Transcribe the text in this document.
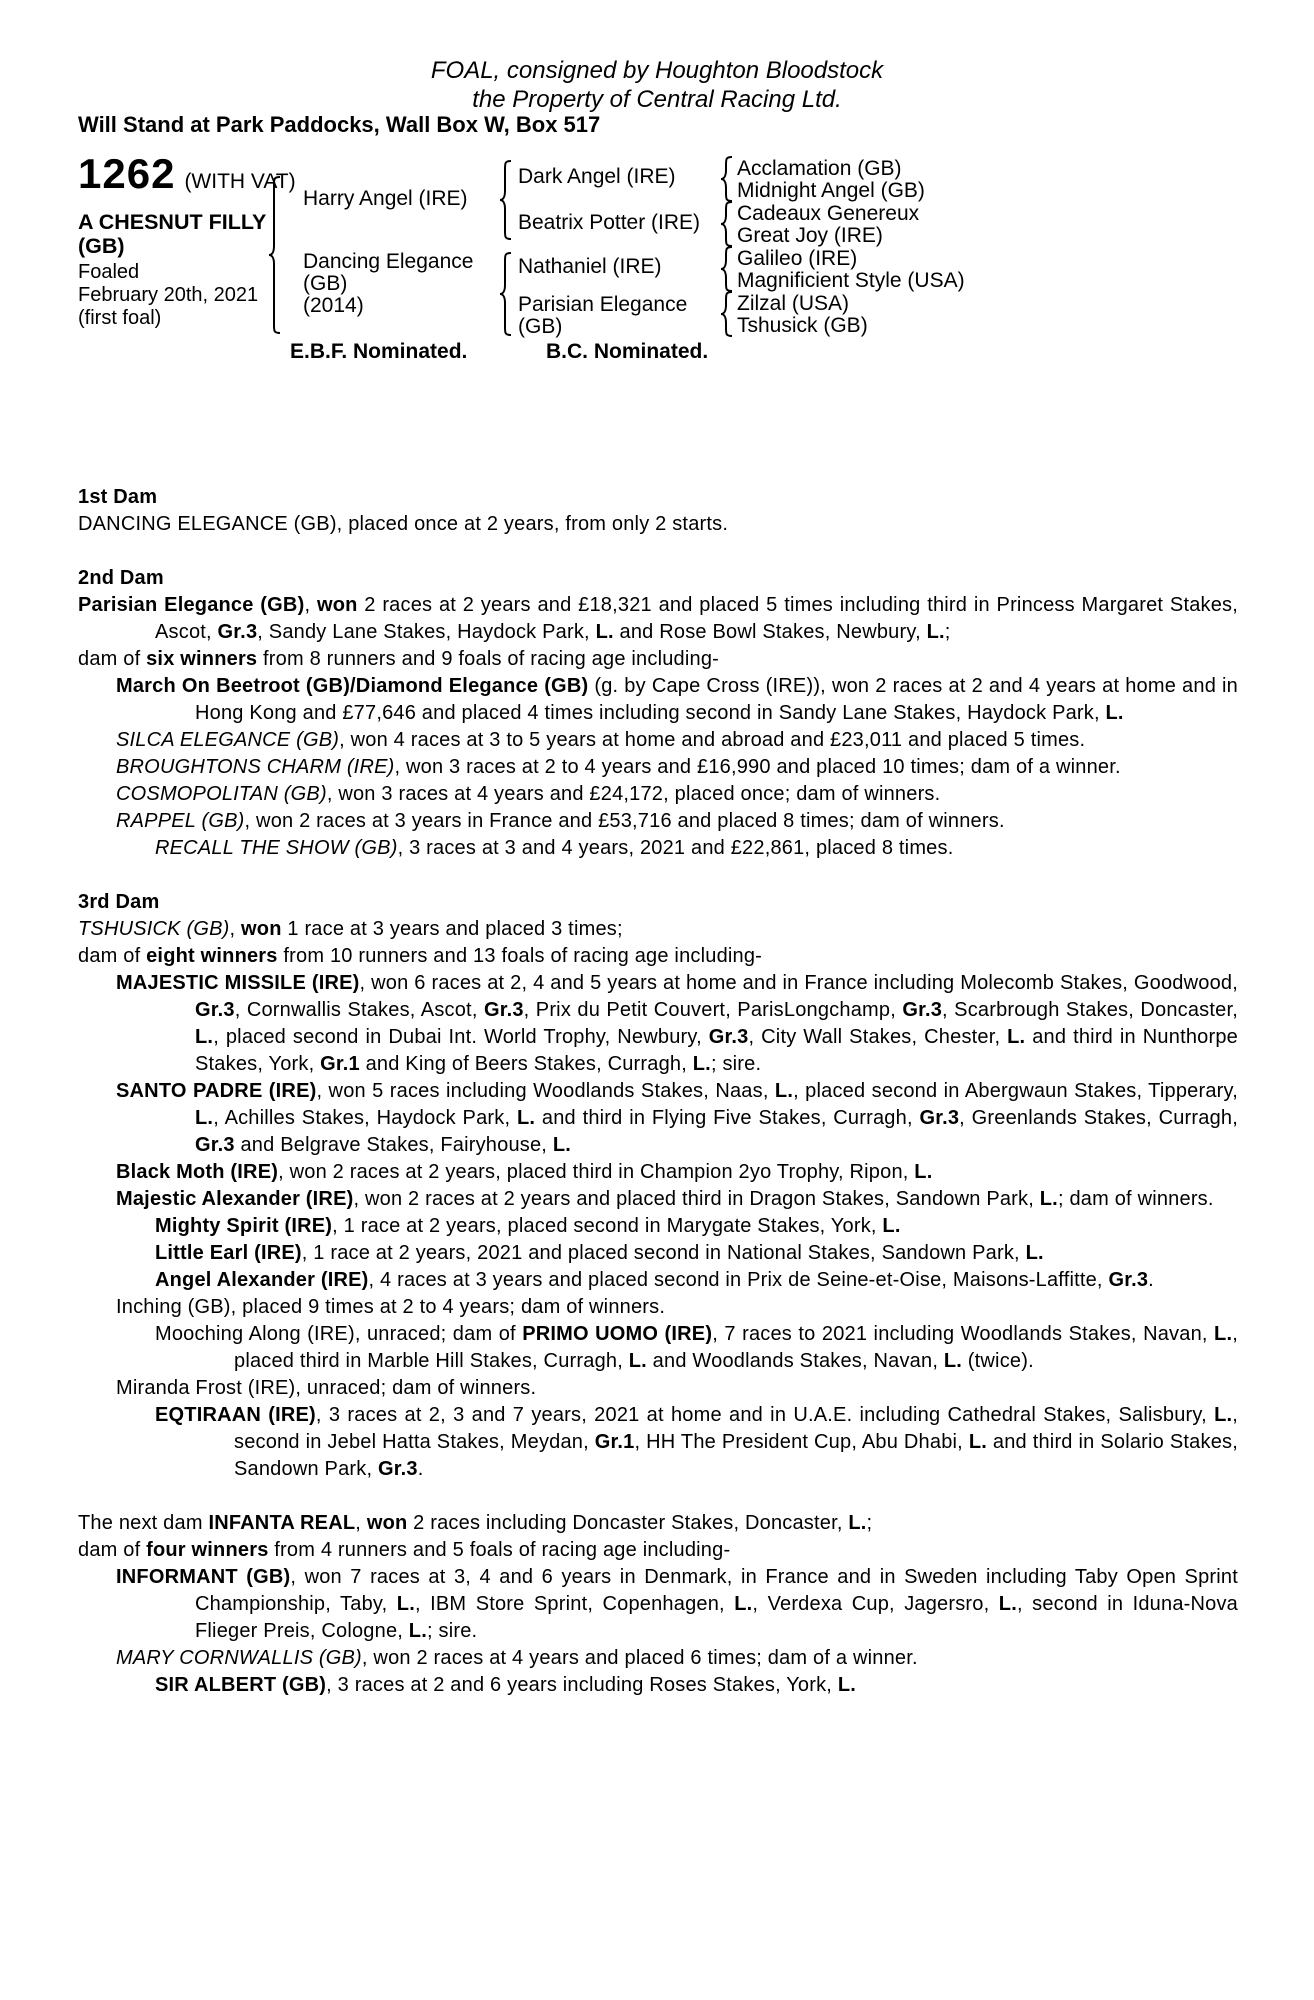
FOAL, consigned by Houghton Bloodstock
the Property of Central Racing Ltd.
Will Stand at Park Paddocks, Wall Box W, Box 517
1262 (WITH VAT)
A CHESNUT FILLY
(GB)
Foaled
February 20th, 2021
(first foal)
Harry Angel (IRE)
Dancing Elegance
(GB)
(2014)
Dark Angel (IRE)
Beatrix Potter (IRE)
Nathaniel (IRE)
Parisian Elegance
(GB)
Acclamation (GB)
Midnight Angel (GB)
Cadeaux Genereux
Great Joy (IRE)
Galileo (IRE)
Magnificient Style (USA)
Zilzal (USA)
Tshusick (GB)
E.B.F. Nominated.	B.C. Nominated.

1st Dam

DANCING ELEGANCE (GB), placed once at 2 years, from only 2 starts.

2nd Dam

Parisian Elegance (GB), won 2 races at 2 years and £18,321 and placed 5 times including third in Princess Margaret Stakes, Ascot, Gr.3, Sandy Lane Stakes, Haydock Park, L. and Rose Bowl Stakes, Newbury, L.;

dam of six winners from 8 runners and 9 foals of racing age including-

March On Beetroot (GB)/Diamond Elegance (GB) (g. by Cape Cross (IRE)), won 2 races at 2 and 4 years at home and in Hong Kong and £77,646 and placed 4 times including second in Sandy Lane Stakes, Haydock Park, L.

SILCA ELEGANCE (GB), won 4 races at 3 to 5 years at home and abroad and £23,011 and placed 5 times.

BROUGHTONS CHARM (IRE), won 3 races at 2 to 4 years and £16,990 and placed 10 times; dam of a winner.

COSMOPOLITAN (GB), won 3 races at 4 years and £24,172, placed once; dam of winners.

RAPPEL (GB), won 2 races at 3 years in France and £53,716 and placed 8 times; dam of winners.

RECALL THE SHOW (GB), 3 races at 3 and 4 years, 2021 and £22,861, placed 8 times.

3rd Dam

TSHUSICK (GB), won 1 race at 3 years and placed 3 times;

dam of eight winners from 10 runners and 13 foals of racing age including-

MAJESTIC MISSILE (IRE), won 6 races at 2, 4 and 5 years at home and in France including Molecomb Stakes, Goodwood, Gr.3, Cornwallis Stakes, Ascot, Gr.3, Prix du Petit Couvert, ParisLongchamp, Gr.3, Scarbrough Stakes, Doncaster, L., placed second in Dubai Int. World Trophy, Newbury, Gr.3, City Wall Stakes, Chester, L. and third in Nunthorpe Stakes, York, Gr.1 and King of Beers Stakes, Curragh, L.; sire.

SANTO PADRE (IRE), won 5 races including Woodlands Stakes, Naas, L., placed second in Abergwaun Stakes, Tipperary, L., Achilles Stakes, Haydock Park, L. and third in Flying Five Stakes, Curragh, Gr.3, Greenlands Stakes, Curragh, Gr.3 and Belgrave Stakes, Fairyhouse, L.

Black Moth (IRE), won 2 races at 2 years, placed third in Champion 2yo Trophy, Ripon, L.

Majestic Alexander (IRE), won 2 races at 2 years and placed third in Dragon Stakes, Sandown Park, L.; dam of winners.

Mighty Spirit (IRE), 1 race at 2 years, placed second in Marygate Stakes, York, L.

Little Earl (IRE), 1 race at 2 years, 2021 and placed second in National Stakes, Sandown Park, L.

Angel Alexander (IRE), 4 races at 3 years and placed second in Prix de Seine-et-Oise, Maisons-Laffitte, Gr.3.

Inching (GB), placed 9 times at 2 to 4 years; dam of winners.

Mooching Along (IRE), unraced; dam of PRIMO UOMO (IRE), 7 races to 2021 including Woodlands Stakes, Navan, L., placed third in Marble Hill Stakes, Curragh, L. and Woodlands Stakes, Navan, L. (twice).

Miranda Frost (IRE), unraced; dam of winners.

EQTIRAAN (IRE), 3 races at 2, 3 and 7 years, 2021 at home and in U.A.E. including Cathedral Stakes, Salisbury, L., second in Jebel Hatta Stakes, Meydan, Gr.1, HH The President Cup, Abu Dhabi, L. and third in Solario Stakes, Sandown Park, Gr.3.

The next dam INFANTA REAL, won 2 races including Doncaster Stakes, Doncaster, L.;

dam of four winners from 4 runners and 5 foals of racing age including-

INFORMANT (GB), won 7 races at 3, 4 and 6 years in Denmark, in France and in Sweden including Taby Open Sprint Championship, Taby, L., IBM Store Sprint, Copenhagen, L., Verdexa Cup, Jagersro, L., second in Iduna-Nova Flieger Preis, Cologne, L.; sire.

MARY CORNWALLIS (GB), won 2 races at 4 years and placed 6 times; dam of a winner.

SIR ALBERT (GB), 3 races at 2 and 6 years including Roses Stakes, York, L.
